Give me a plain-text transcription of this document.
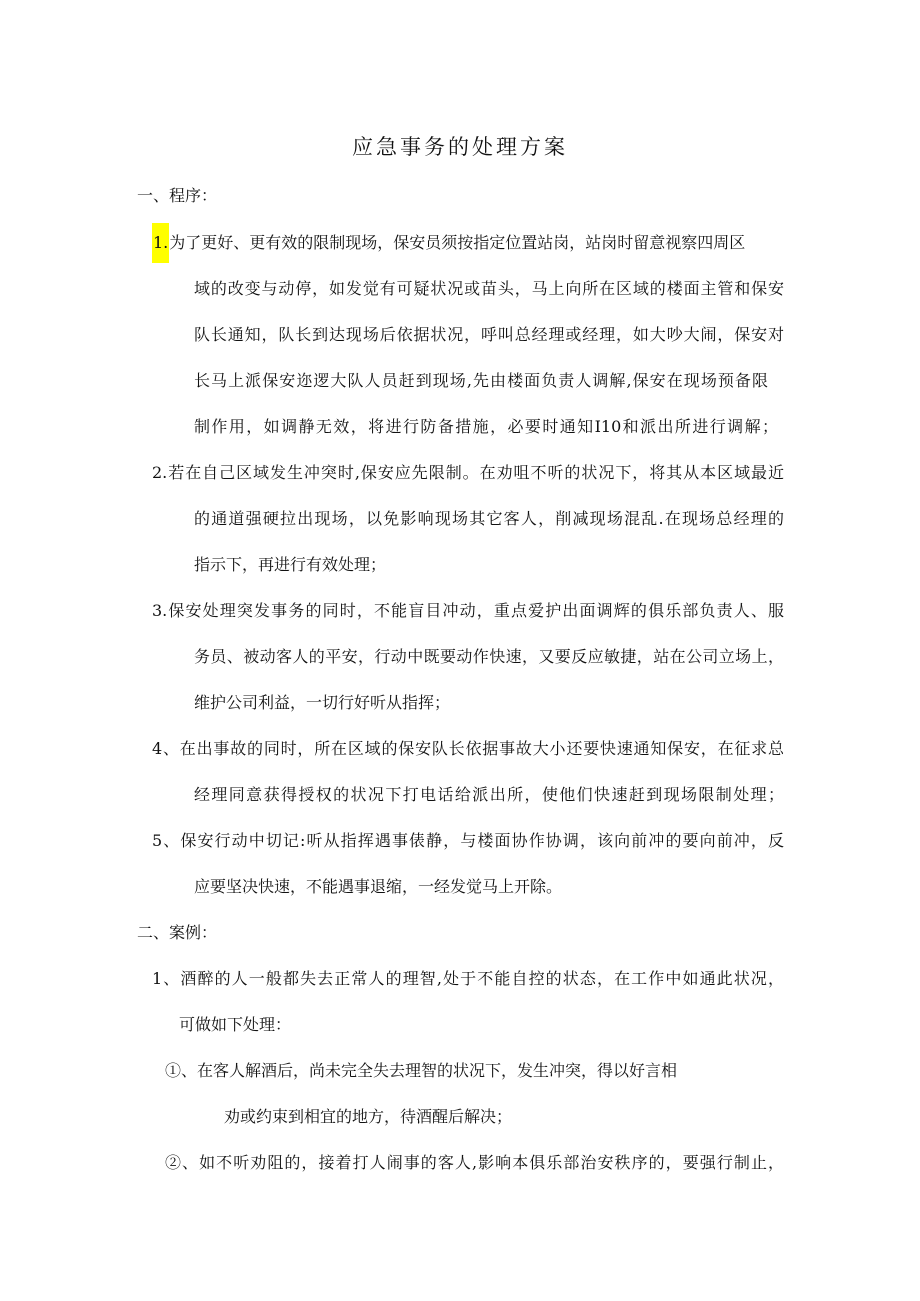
应急事务的处理方案
一、程序：
1.为了更好、更有效的限制现场，保安员须按指定位置站岗，站岗时留意视察四周区
域的改变与动停，如发觉有可疑状况或苗头，马上向所在区域的楼面主管和保安
队长通知，队长到达现场后依据状况，呼叫总经理或经理，如大吵大闹，保安对
长马上派保安迩逻大队人员赶到现场,先由楼面负责人调解,保安在现场预备限
制作用，如调静无效，将进行防备措施，必要时通知I10和派出所进行调解；
2.若在自己区域发生冲突时,保安应先限制。在劝咀不听的状况下，将其从本区域最近
的通道强硬拉出现场，以免影响现场其它客人，削减现场混乱.在现场总经理的
指示下，再进行有效处理；
3.保安处理突发事务的同时，不能盲目冲动，重点爱护出面调辉的俱乐部负责人、服
务员、被动客人的平安，行动中既要动作快速，又要反应敏捷，站在公司立场上，
维护公司利益，一切行好听从指挥；
4、在出事故的同时，所在区域的保安队长依据事故大小还要快速通知保安，在征求总
经理同意获得授权的状况下打电话给派出所，使他们快速赶到现场限制处理；
5、保安行动中切记:听从指挥遇事俵静，与楼面协作协调，该向前冲的要向前冲，反
应要坚决快速，不能遇事退缩，一经发觉马上开除。
二、案例：
1、酒醉的人一般都失去正常人的理智,处于不能自控的状态，在工作中如通此状况，
可做如下处理：
①、在客人解酒后，尚未完全失去理智的状况下，发生冲突，得以好言相
劝或约束到相宜的地方，待酒醒后解决；
②、如不听劝阻的，接着打人闹事的客人,影响本俱乐部治安秩序的，要强行制止，
